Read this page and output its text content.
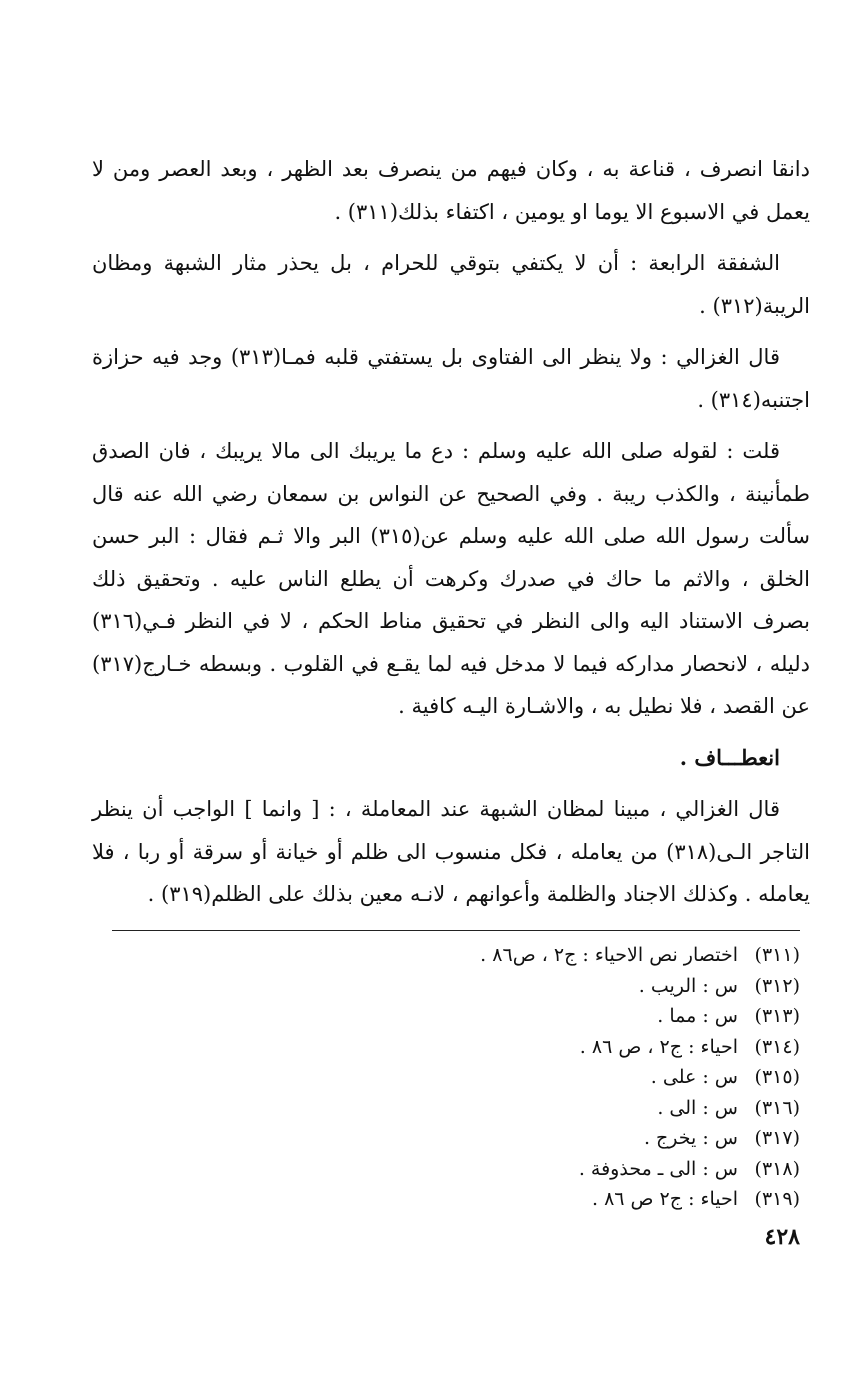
دانقا انصرف ، قناعة به ، وكان فيهم من ينصرف بعد الظهر ، وبعد العصر ومن لا يعمل في الاسبوع الا يوما او يومين ، اكتفاء بذلك(٣١١) .

الشفقة الرابعة : أن لا يكتفي بتوقي للحرام ، بل يحذر مثار الشبهة ومظان الريبة(٣١٢) .

قال الغزالي : ولا ينظر الى الفتاوى بل يستفتي قلبه فمـا(٣١٣) وجد فيه حزازة اجتنبه(٣١٤) .

قلت : لقوله صلى الله عليه وسلم : دع ما يريبك الى مالا يريبك ، فان الصدق طمأنينة ، والكذب ريبة . وفي الصحيح عن النواس بن سمعان رضي الله عنه قال سألت رسول الله صلى الله عليه وسلم عن(٣١٥) البر والا ثـم فقال : البر حسن الخلق ، والاثم ما حاك في صدرك وكرهت أن يطلع الناس عليه . وتحقيق ذلك بصرف الاستناد اليه والى النظر في تحقيق مناط الحكم ، لا في النظر فـي(٣١٦) دليله ، لانحصار مداركه فيما لا مدخل فيه لما يقـع في القلوب . وبسطه خـارج(٣١٧) عن القصد ، فلا نطيل به ، والاشـارة اليـه كافية .

انعطـــاف .

قال الغزالي ، مبينا لمظان الشبهة عند المعاملة ، : [ وانما ] الواجب أن ينظر التاجر الـى(٣١٨) من يعامله ، فكل منسوب الى ظلم أو خيانة أو سرقة أو ربا ، فلا يعامله . وكذلك الاجناد والظلمة وأعوانهم ، لانـه معين بذلك على الظلم(٣١٩) .

(٣١١)
اختصار نص الاحياء : ج٢ ، ص٨٦ .
(٣١٢)
س : الريب .
(٣١٣)
س : مما .
(٣١٤)
احياء : ج٢ ، ص ٨٦ .
(٣١٥)
س : على .
(٣١٦)
س : الى .
(٣١٧)
س : يخرج .
(٣١٨)
س : الى ـ محذوفة .
(٣١٩)
احياء : ج٢ ص ٨٦ .
٤٢٨
